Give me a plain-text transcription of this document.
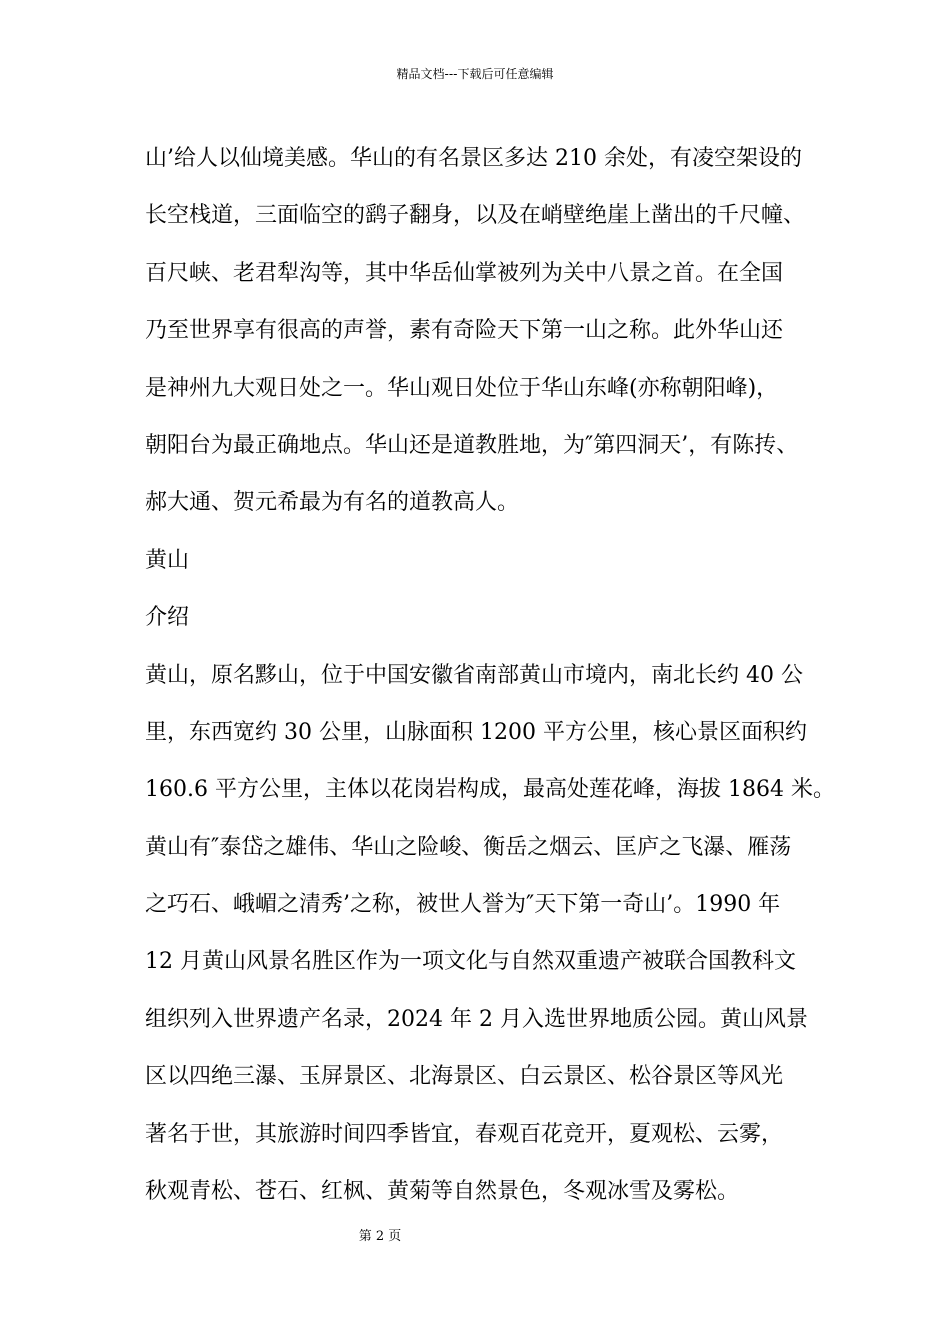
精品文档---下载后可任意编辑
山’给人以仙境美感。华山的有名景区多达 210 余处，有凌空架设的
长空栈道，三面临空的鹞子翻身，以及在峭壁绝崖上凿出的千尺幢、
百尺峡、老君犁沟等，其中华岳仙掌被列为关中八景之首。在全国
乃至世界享有很高的声誉，素有奇险天下第一山之称。此外华山还
是神州九大观日处之一。华山观日处位于华山东峰(亦称朝阳峰)，
朝阳台为最正确地点。华山还是道教胜地，为″第四洞天’，有陈抟、
郝大通、贺元希最为有名的道教高人。
黄山
介绍
黄山，原名黟山，位于中国安徽省南部黄山市境内，南北长约 40 公
里，东西宽约 30 公里，山脉面积 1200 平方公里，核心景区面积约
160.6 平方公里，主体以花岗岩构成，最高处莲花峰，海拔 1864 米。
黄山有″泰岱之雄伟、华山之险峻、衡岳之烟云、匡庐之飞瀑、雁荡
之巧石、峨嵋之清秀’之称，被世人誉为″天下第一奇山’。1990 年
12 月黄山风景名胜区作为一项文化与自然双重遗产被联合国教科文
组织列入世界遗产名录，2024 年 2 月入选世界地质公园。黄山风景
区以四绝三瀑、玉屏景区、北海景区、白云景区、松谷景区等风光
著名于世，其旅游时间四季皆宜，春观百花竞开，夏观松、云雾，
秋观青松、苍石、红枫、黄菊等自然景色，冬观冰雪及雾松。
第 2 页
